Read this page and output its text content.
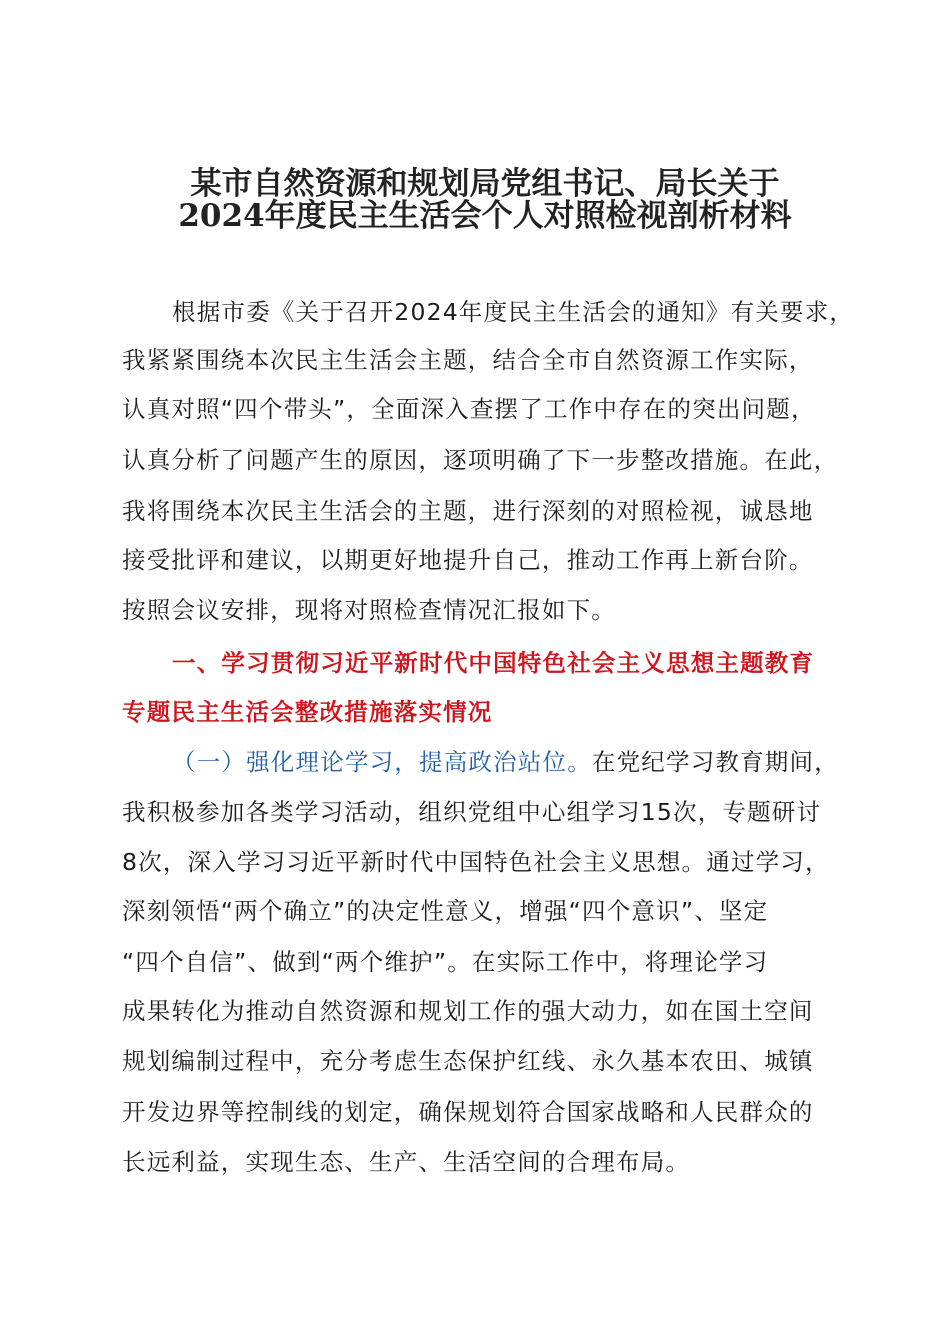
某市自然资源和规划局党组书记、局长关于
2024年度民主生活会个人对照检视剖析材料
根据市委《关于召开2024年度民主生活会的通知》有关要求，
我紧紧围绕本次民主生活会主题，结合全市自然资源工作实际，
认真对照“四个带头”，全面深入查摆了工作中存在的突出问题，
认真分析了问题产生的原因，逐项明确了下一步整改措施。在此，
我将围绕本次民主生活会的主题，进行深刻的对照检视，诚恳地
接受批评和建议，以期更好地提升自己，推动工作再上新台阶。
按照会议安排，现将对照检查情况汇报如下。
一、学习贯彻习近平新时代中国特色社会主义思想主题教育
专题民主生活会整改措施落实情况
（一）强化理论学习，提高政治站位。在党纪学习教育期间，
我积极参加各类学习活动，组织党组中心组学习15次，专题研讨
8次，深入学习习近平新时代中国特色社会主义思想。通过学习，
深刻领悟“两个确立”的决定性意义，增强“四个意识”、坚定
“四个自信”、做到“两个维护”。在实际工作中，将理论学习
成果转化为推动自然资源和规划工作的强大动力，如在国土空间
规划编制过程中，充分考虑生态保护红线、永久基本农田、城镇
开发边界等控制线的划定，确保规划符合国家战略和人民群众的
长远利益，实现生态、生产、生活空间的合理布局。
